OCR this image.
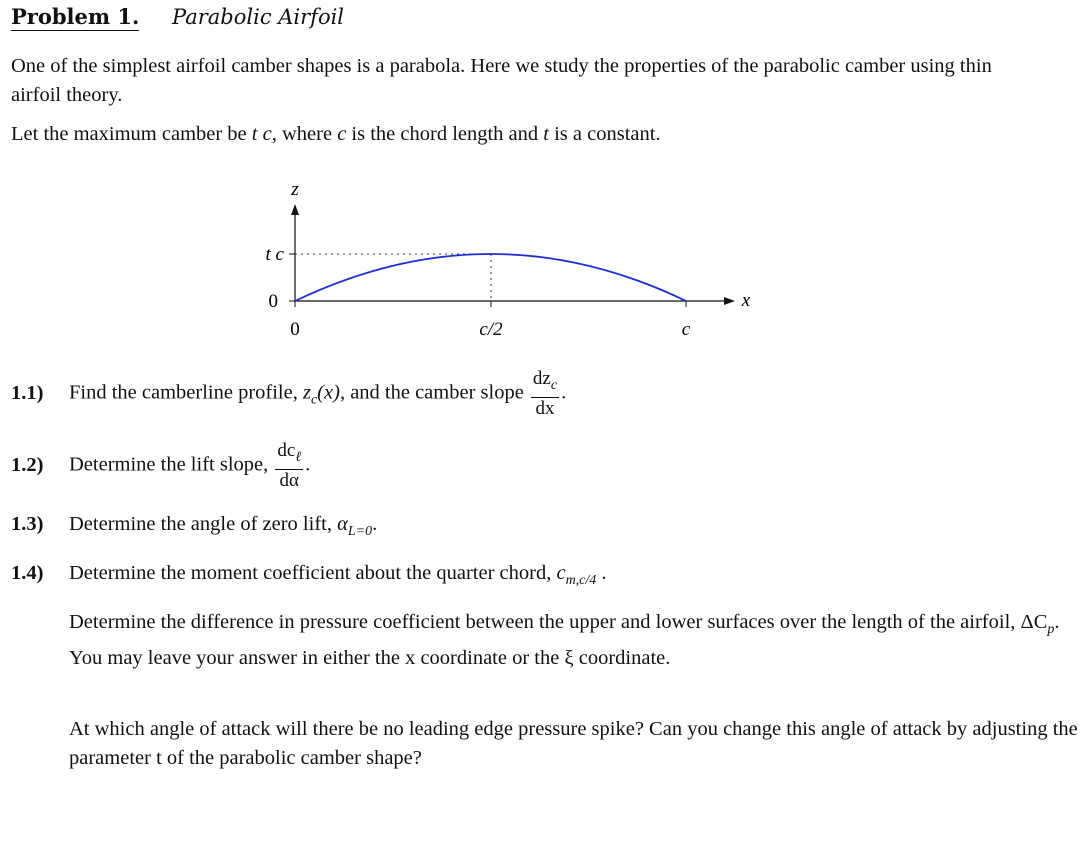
Problem 1. Parabolic Airfoil
One of the simplest airfoil camber shapes is a parabola. Here we study the properties of the parabolic camber using thin airfoil theory.
Let the maximum camber be t c, where c is the chord length and t is a constant.
z
x
t c
0
0	c/2	c
1.1) Find the camberline profile, $z_c(x)$, and the camber slope $\frac{dz_c}{dx}$ .
1.2) Determine the lift slope, $\frac{dc_\ell}{d\alpha}$ .
1.3) Determine the angle of zero lift, $\alpha_{L=0}$.
1.4) Determine the moment coefficient about the quarter chord, $c_{m,c/4}$ .
Determine the difference in pressure coefficient between the upper and lower surfaces over the length of the airfoil, $\Delta C_p$. You may leave your answer in either the x coordinate or the ξ coordinate.
At which angle of attack will there be no leading edge pressure spike? Can you change this angle of attack by adjusting the parameter t of the parabolic camber shape?
